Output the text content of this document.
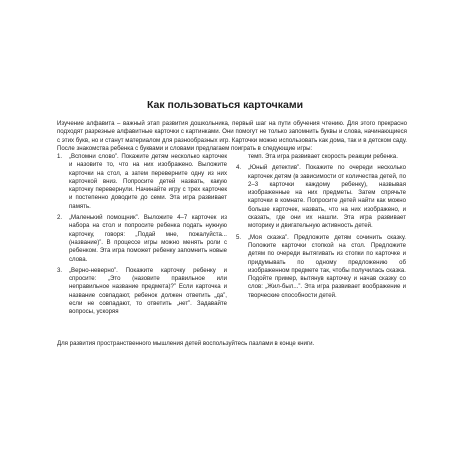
Как пользоваться карточками

Изучение алфавита – важный этап развития дошкольника, первый шаг на пути обучения чтению. Для этого прекрасно подходят разрезные алфавитные карточки с картинками. Они помогут не только запомнить буквы и слова, начинающиеся с этих букв, но и станут материалом для разнообразных игр. Карточки можно использовать как дома, так и в детском саду. После знакомства ребенка с буквами и словами предлагаем поиграть в следующие игры:

1. „Вспомни слово”. Покажите детям несколько карточек и назовите то, что на них изображено. Выложите карточки на стол, а затем переверните одну из них карточкой вниз. Попросите детей назвать, какую карточку перевернули. Начинайте игру с трех карточек и постепенно доводите до семи. Эта игра развивает память.
2. „Маленький помощник”. Выложите 4–7 карточек из набора на стол и попросите ребенка подать нужную карточку, говоря: „Подай мне, пожалуйста... (название)”. В процессе игры можно менять роли с ребенком. Эта игра поможет ребенку запомнить новые слова.
3. „Верно-неверно”. Покажите карточку ребенку и спросите: „Это (назовите правильное или неправильное название предмета)?” Если карточка и название совпадают, ребенок должен ответить „да”, если не совпадают, то ответить „нет”. Задавайте вопросы, ускоряя
темп. Эта игра развивает скорость реакции ребенка.
4. „Юный детектив”. Покажите по очереди несколько карточек детям (в зависимости от количества детей, по 2–3 карточки каждому ребенку), назвывая изображенные на них предметы. Затем спрячьте карточки в комнате. Попросите детей найти как можно больше карточек, назвать, что на них изображено, и сказать, где они их нашли. Эта игра развивает моторику и двигательную активность детей.
5. „Моя сказка”. Предложите детям сочинить сказку. Положите карточки стопкой на стол. Предложите детям по очереди вытягивать из стопки по карточке и придумывать по одному предложению об изображенном предмете так, чтобы получилась сказка. Подойте пример, вытянув карточку и начав сказку со слов: „Жил-был...”. Эта игра развивает воображение и творческие способности детей.

Для развития пространственного мышления детей воспользуйтесь пазлами в конце книги.
